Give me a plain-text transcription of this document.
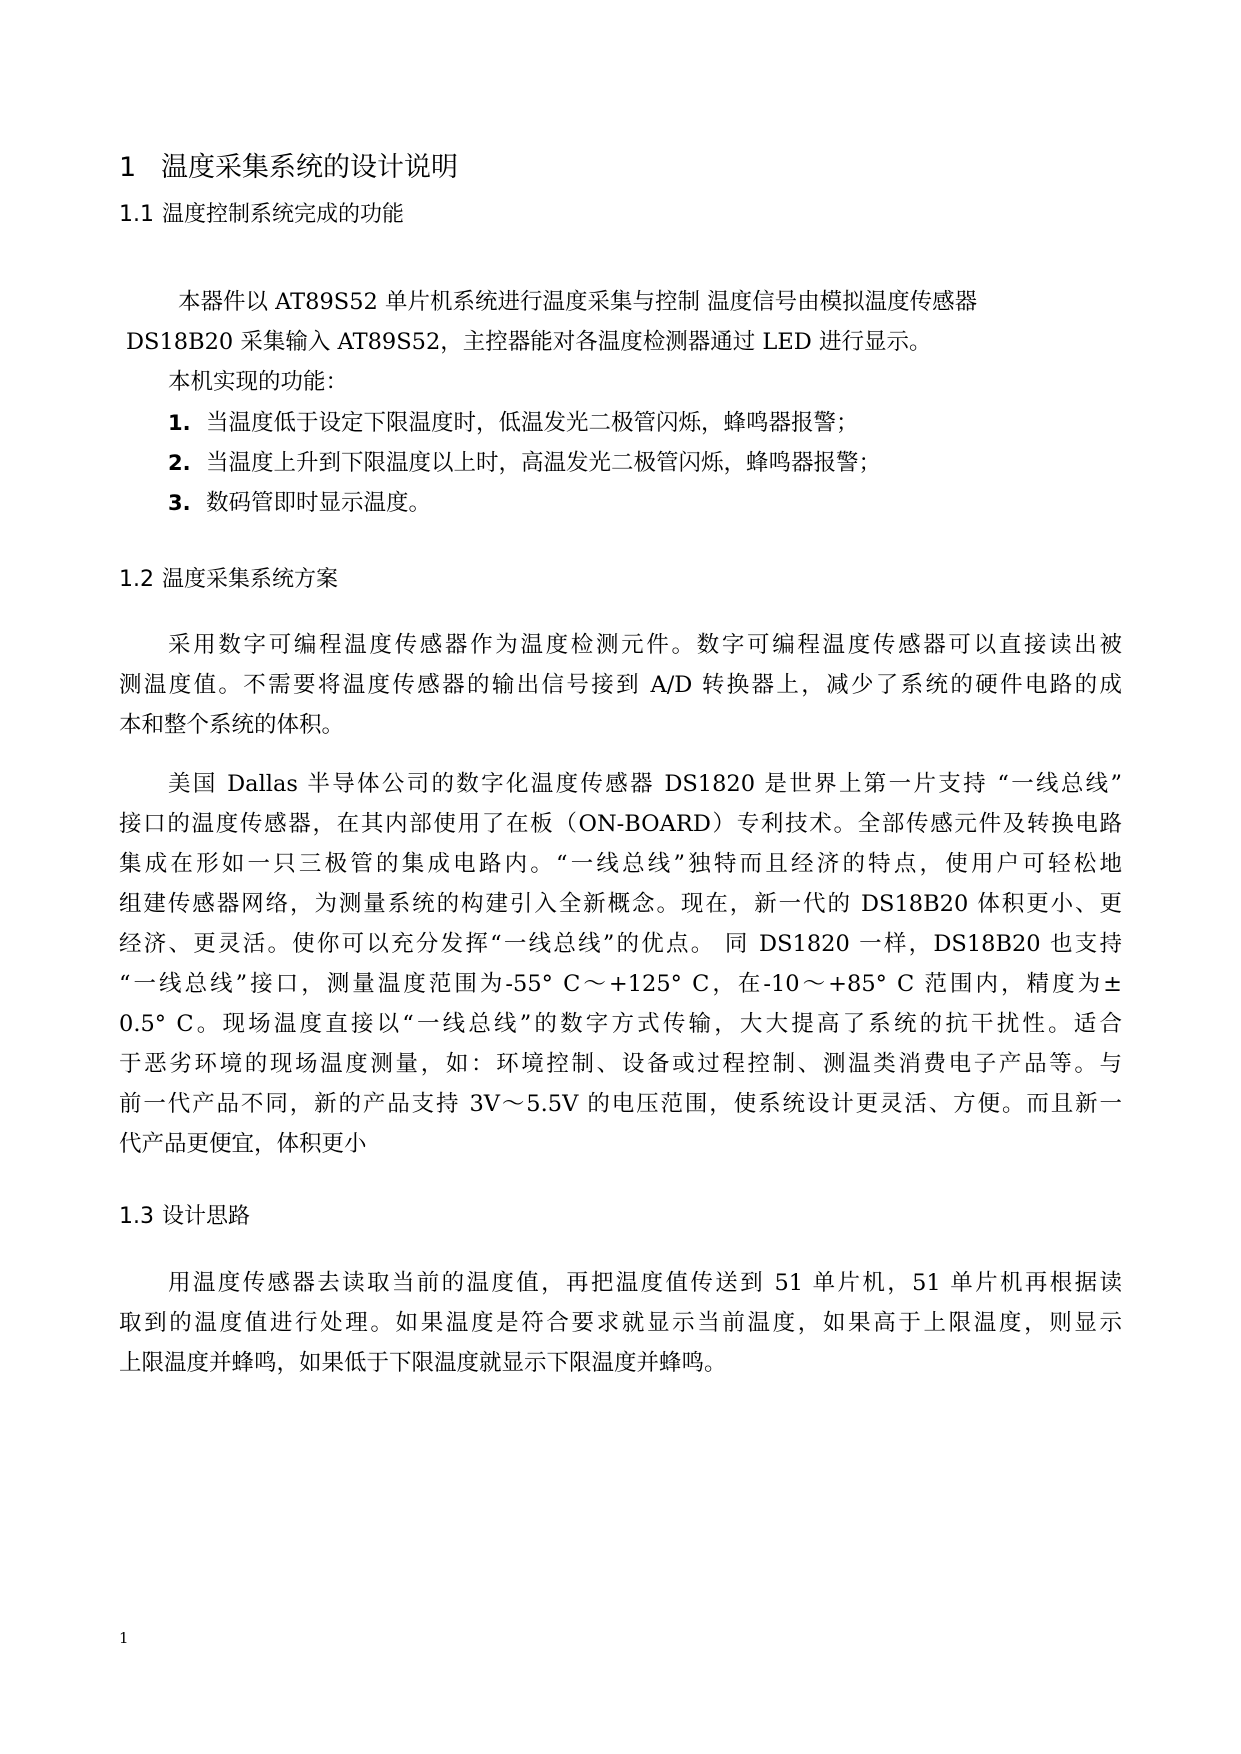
1 温度采集系统的设计说明
1.1 温度控制系统完成的功能
本器件以 AT89S52 单片机系统进行温度采集与控制 温度信号由模拟温度传感器
DS18B20 采集输入 AT89S52，主控器能对各温度检测器通过 LED 进行显示。
本机实现的功能：
1. 当温度低于设定下限温度时，低温发光二极管闪烁，蜂鸣器报警；
2. 当温度上升到下限温度以上时，高温发光二极管闪烁，蜂鸣器报警；
3. 数码管即时显示温度。
1.2 温度采集系统方案
采用数字可编程温度传感器作为温度检测元件。数字可编程温度传感器可以直接读出被
测温度值。不需要将温度传感器的输出信号接到 A/D 转换器上，减少了系统的硬件电路的成
本和整个系统的体积。
美国 Dallas 半导体公司的数字化温度传感器 DS1820 是世界上第一片支持 “一线总线”
接口的温度传感器，在其内部使用了在板（ON-BOARD）专利技术。全部传感元件及转换电路
集成在形如一只三极管的集成电路内。“一线总线”独特而且经济的特点，使用户可轻松地
组建传感器网络，为测量系统的构建引入全新概念。现在，新一代的 DS18B20 体积更小、更
经济、更灵活。使你可以充分发挥“一线总线”的优点。 同 DS1820 一样，DS18B20 也支持
“一线总线”接口，测量温度范围为-55° C～+125° C，在-10～+85° C 范围内，精度为±
0.5° C。现场温度直接以“一线总线”的数字方式传输，大大提高了系统的抗干扰性。适合
于恶劣环境的现场温度测量，如：环境控制、设备或过程控制、测温类消费电子产品等。与
前一代产品不同，新的产品支持 3V～5.5V 的电压范围，使系统设计更灵活、方便。而且新一
代产品更便宜，体积更小
1.3 设计思路
用温度传感器去读取当前的温度值，再把温度值传送到 51 单片机，51 单片机再根据读
取到的温度值进行处理。如果温度是符合要求就显示当前温度，如果高于上限温度，则显示
上限温度并蜂鸣，如果低于下限温度就显示下限温度并蜂鸣。
1
